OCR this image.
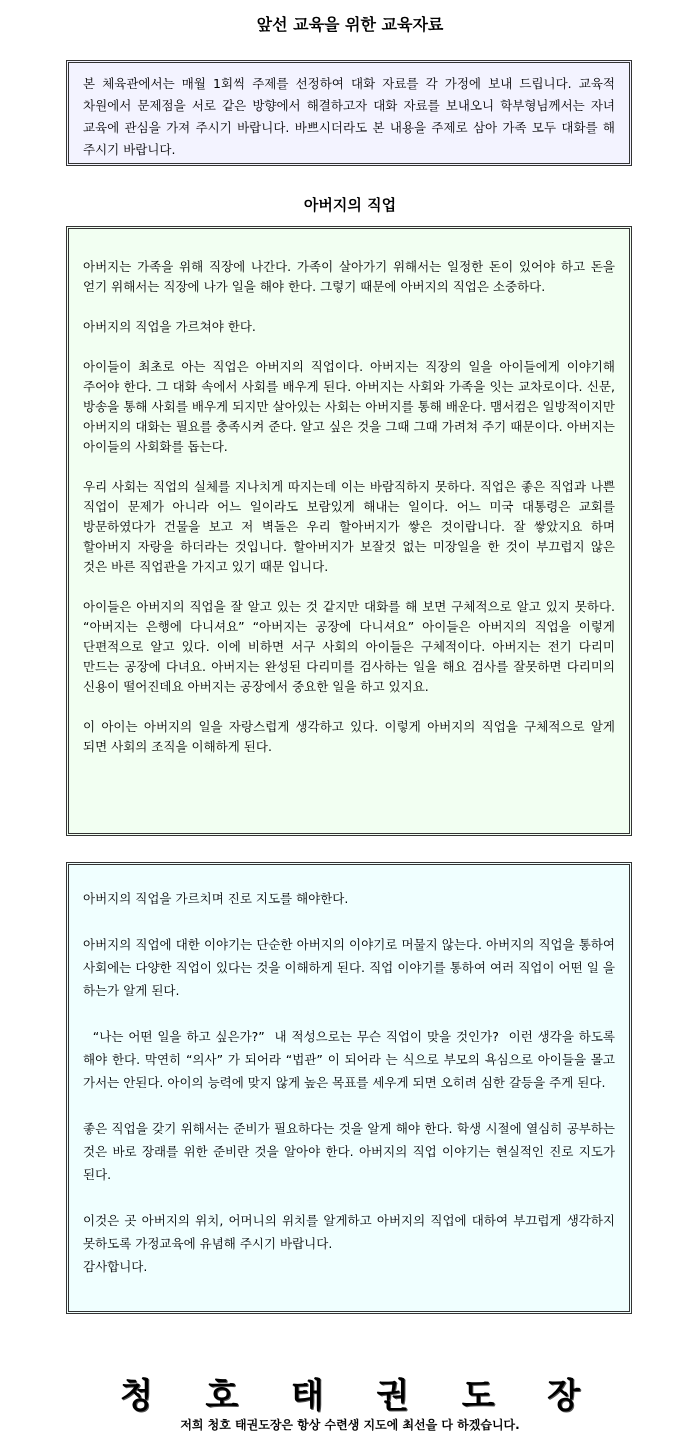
앞선 교육을 위한 교육자료

본 체육관에서는 매월 1회씩 주제를 선정하여 대화 자료를 각 가정에 보내 드립니다. 교육적 차원에서 문제점을 서로 같은 방향에서 해결하고자 대화 자료를 보내오니 학부형님께서는 자녀 교육에 관심을 가져 주시기 바랍니다. 바쁘시더라도 본 내용을 주제로 삼아 가족 모두 대화를 해 주시기 바랍니다.

아버지의 직업

아버지는 가족을 위해 직장에 나간다. 가족이 살아가기 위해서는 일정한 돈이 있어야 하고 돈을 얻기 위해서는 직장에 나가 일을 해야 한다. 그렇기 때문에 아버지의 직업은 소중하다.

아버지의 직업을 가르쳐야 한다.

아이들이 최초로 아는 직업은 아버지의 직업이다. 아버지는 직장의 일을 아이들에게 이야기해 주어야 한다. 그 대화 속에서 사회를 배우게 된다. 아버지는 사회와 가족을 잇는 교차로이다. 신문, 방송을 통해 사회를 배우게 되지만 살아있는 사회는 아버지를 통해 배운다. 맴서컴은 일방적이지만 아버지의 대화는 필요를 충족시켜 준다. 알고 싶은 것을 그때 그때 가려쳐 주기 때문이다. 아버지는 아이들의 사회화를 돕는다.

우리 사회는 직업의 실체를 지나치게 따지는데 이는 바람직하지 못하다. 직업은 좋은 직업과 나쁜 직업이 문제가 아니라 어느 일이라도 보람있게 해내는 일이다. 어느 미국 대통령은 교회를 방문하였다가 건물을 보고 저 벽돌은 우리 할아버지가 쌓은 것이랍니다. 잘 쌓았지요 하며 할아버지 자랑을 하더라는 것입니다. 할아버지가 보잘것 없는 미장일을 한 것이 부끄럽지 않은 것은 바른 직업관을 가지고 있기 때문 입니다.

아이들은 아버지의 직업을 잘 알고 있는 것 같지만 대화를 해 보면 구체적으로 알고 있지 못하다. “아버지는 은행에 다니셔요” “아버지는 공장에 다니셔요” 아이들은 아버지의 직업을 이렇게 단편적으로 알고 있다. 이에 비하면 서구 사회의 아이들은 구체적이다. 아버지는 전기 다리미 만드는 공장에 다녀요. 아버지는 완성된 다리미를 검사하는 일을 해요 검사를 잘못하면 다리미의 신용이 떨어진데요 아버지는 공장에서 중요한 일을 하고 있지요.

이 아이는 아버지의 일을 자랑스럽게 생각하고 있다. 이렇게 아버지의 직업을 구체적으로 알게 되면 사회의 조직을 이해하게 된다.

아버지의 직업을 가르치며 진로 지도를 해야한다.

아버지의 직업에 대한 이야기는 단순한 아버지의 이야기로 머물지 않는다. 아버지의 직업을 통하여 사회에는 다양한 직업이 있다는 것을 이해하게 된다. 직업 이야기를 통하여 여러 직업이 어떤 일 을 하는가 알게 된다.

“나는 어떤 일을 하고 싶은가?”  내 적성으로는 무슨 직업이 맞을 것인가?  이런 생각을 하도록 해야 한다. 막연히 “의사” 가 되어라 “법관” 이 되어라 는 식으로 부모의 욕심으로 아이들을 몰고 가서는 안된다. 아이의 능력에 맞지 않게 높은 목표를 세우게 되면 오히려 심한 갈등을 주게 된다.

좋은 직업을 갖기 위해서는 준비가 필요하다는 것을 알게 해야 한다. 학생 시절에 열심히 공부하는 것은 바로 장래를 위한 준비란 것을 알아야 한다. 아버지의 직업 이야기는 현실적인 진로 지도가 된다.

이것은 곳 아버지의 위치, 어머니의 위치를 알게하고 아버지의 직업에 대하여 부끄럽게 생각하지 못하도록 가정교육에 유념해 주시기 바랍니다.

감사합니다.
청 호 태 권 도 장
저희 청호 태권도장은 항상 수련생 지도에 최선을 다 하겠습니다.
